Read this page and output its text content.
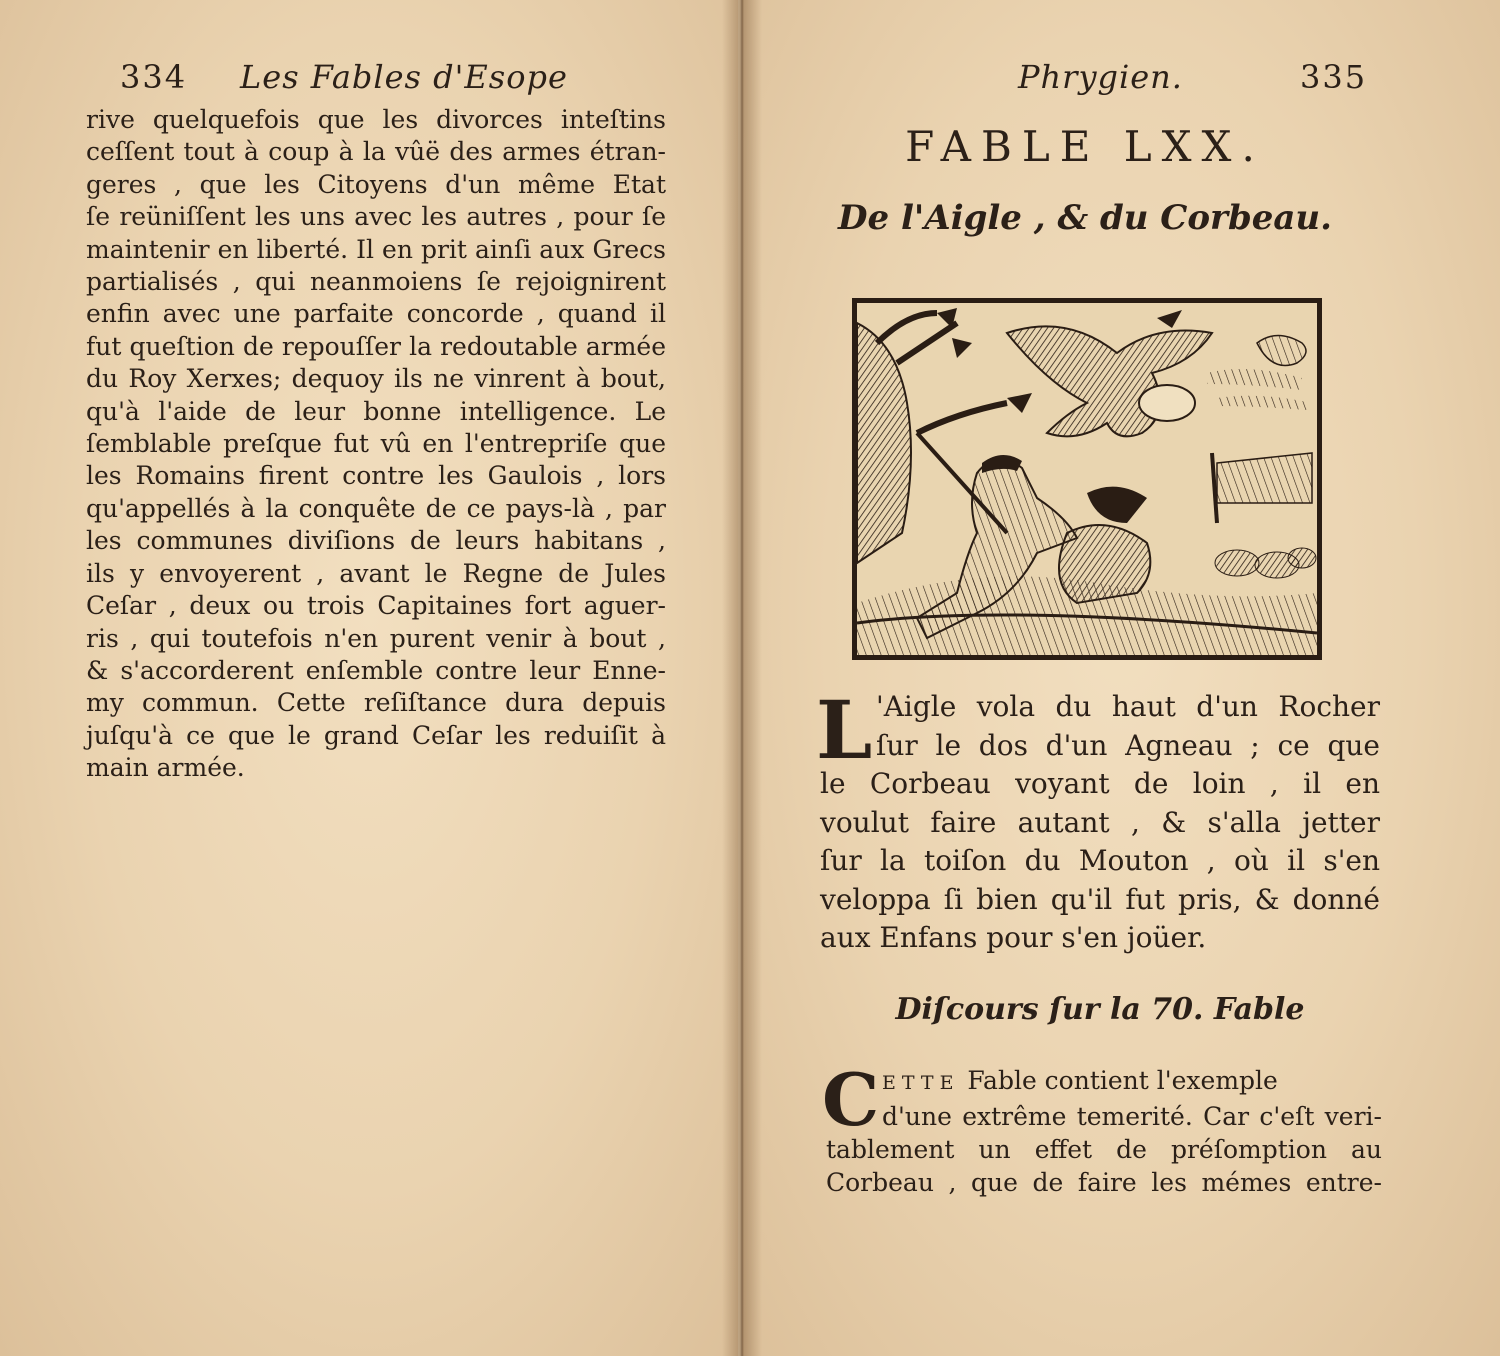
334 Les Fables d'Esope
rive quelquefois que les divorces inteſtins
ceſſent tout à coup à la vûë des armes étran-
geres , que les Citoyens d'un même Etat
ſe reüniſſent les uns avec les autres , pour ſe
maintenir en liberté. Il en prit ainſi aux Grecs
partialisés , qui neanmoiens ſe rejoignirent
enfin avec une parfaite concorde , quand il
fut queſtion de repouſſer la redoutable armée
du Roy Xerxes; dequoy ils ne vinrent à bout,
qu'à l'aide de leur bonne intelligence. Le
ſemblable preſque fut vû en l'entrepriſe que
les Romains firent contre les Gaulois , lors
qu'appellés à la conquête de ce pays-là , par
les communes diviſions de leurs habitans ,
ils y envoyerent , avant le Regne de Jules
Ceſar , deux ou trois Capitaines fort aguer-
ris , qui toutefois n'en purent venir à bout ,
& s'accorderent enſemble contre leur Enne-
my commun. Cette reſiſtance dura depuis
juſqu'à ce que le grand Ceſar les reduiſit à
main armée.
Phrygien.	335
FABLE LXX.
De l'Aigle , & du Corbeau.
L 'Aigle vola du haut d'un Rocher
ſur le dos d'un Agneau ; ce que
le Corbeau voyant de loin , il en
voulut faire autant , & s'alla jetter
ſur la toiſon du Mouton , où il s'en
veloppa ſi bien qu'il fut pris, & donné
aux Enfans pour s'en joüer.
Diſcours ſur la 70. Fable
C ETTE Fable contient l'exemple
d'une extrême temerité. Car c'eſt veri-
tablement un effet de préſomption au
Corbeau , que de faire les mémes entre-
